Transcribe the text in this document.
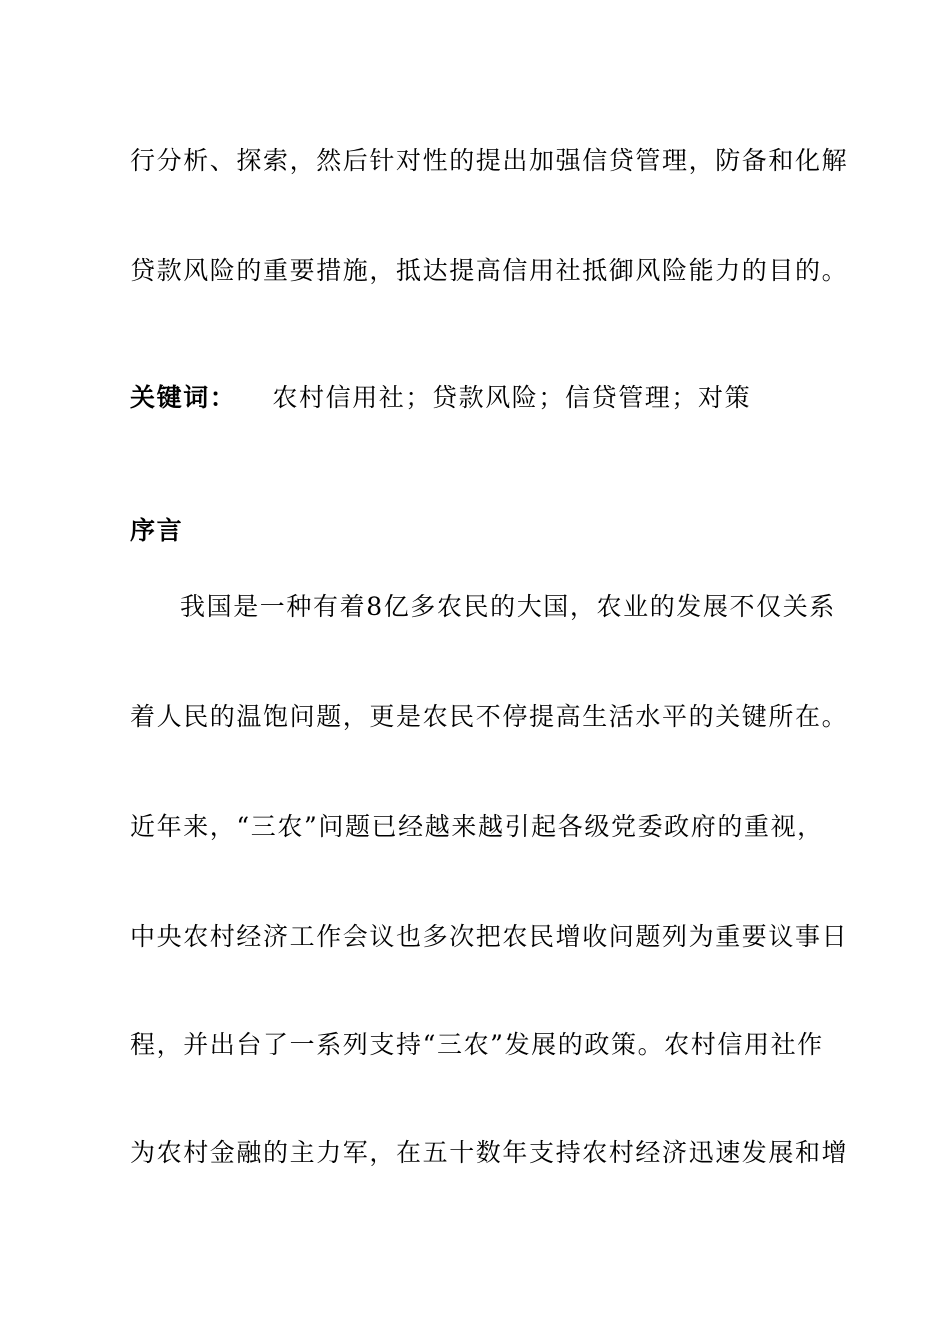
行分析、探索，然后针对性的提出加强信贷管理，防备和化解
贷款风险的重要措施，抵达提高信用社抵御风险能力的目的。
关键词： 农村信用社；贷款风险；信贷管理；对策
序言
我国是一种有着8亿多农民的大国，农业的发展不仅关系
着人民的温饱问题，更是农民不停提高生活水平的关键所在。
近年来，“三农”问题已经越来越引起各级党委政府的重视，
中央农村经济工作会议也多次把农民增收问题列为重要议事日
程，并出台了一系列支持“三农”发展的政策。农村信用社作
为农村金融的主力军，在五十数年支持农村经济迅速发展和增
